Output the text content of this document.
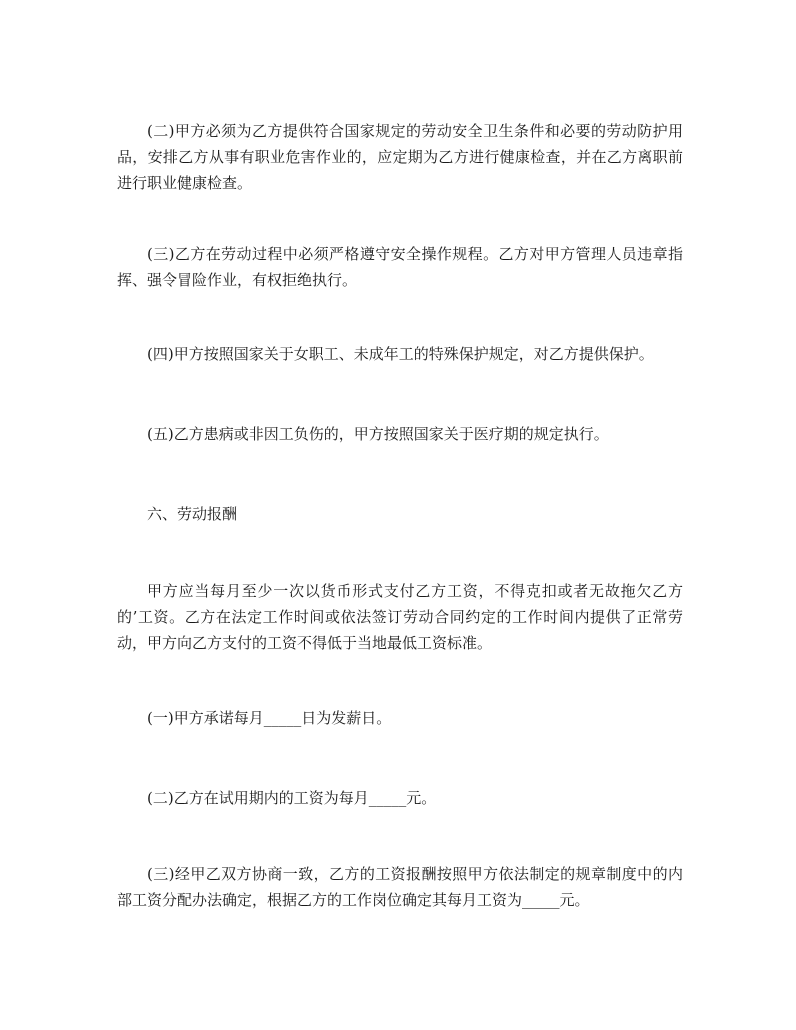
(二)甲方必须为乙方提供符合国家规定的劳动安全卫生条件和必要的劳动防护用品，安排乙方从事有职业危害作业的，应定期为乙方进行健康检查，并在乙方离职前进行职业健康检查。

(三)乙方在劳动过程中必须严格遵守安全操作规程。乙方对甲方管理人员违章指挥、强令冒险作业，有权拒绝执行。

(四)甲方按照国家关于女职工、未成年工的特殊保护规定，对乙方提供保护。

(五)乙方患病或非因工负伤的，甲方按照国家关于医疗期的规定执行。

六、劳动报酬

甲方应当每月至少一次以货币形式支付乙方工资，不得克扣或者无故拖欠乙方的’工资。乙方在法定工作时间或依法签订劳动合同约定的工作时间内提供了正常劳动，甲方向乙方支付的工资不得低于当地最低工资标准。

(一)甲方承诺每月_____日为发薪日。

(二)乙方在试用期内的工资为每月_____元。

(三)经甲乙双方协商一致，乙方的工资报酬按照甲方依法制定的规章制度中的内部工资分配办法确定，根据乙方的工作岗位确定其每月工资为_____元。
